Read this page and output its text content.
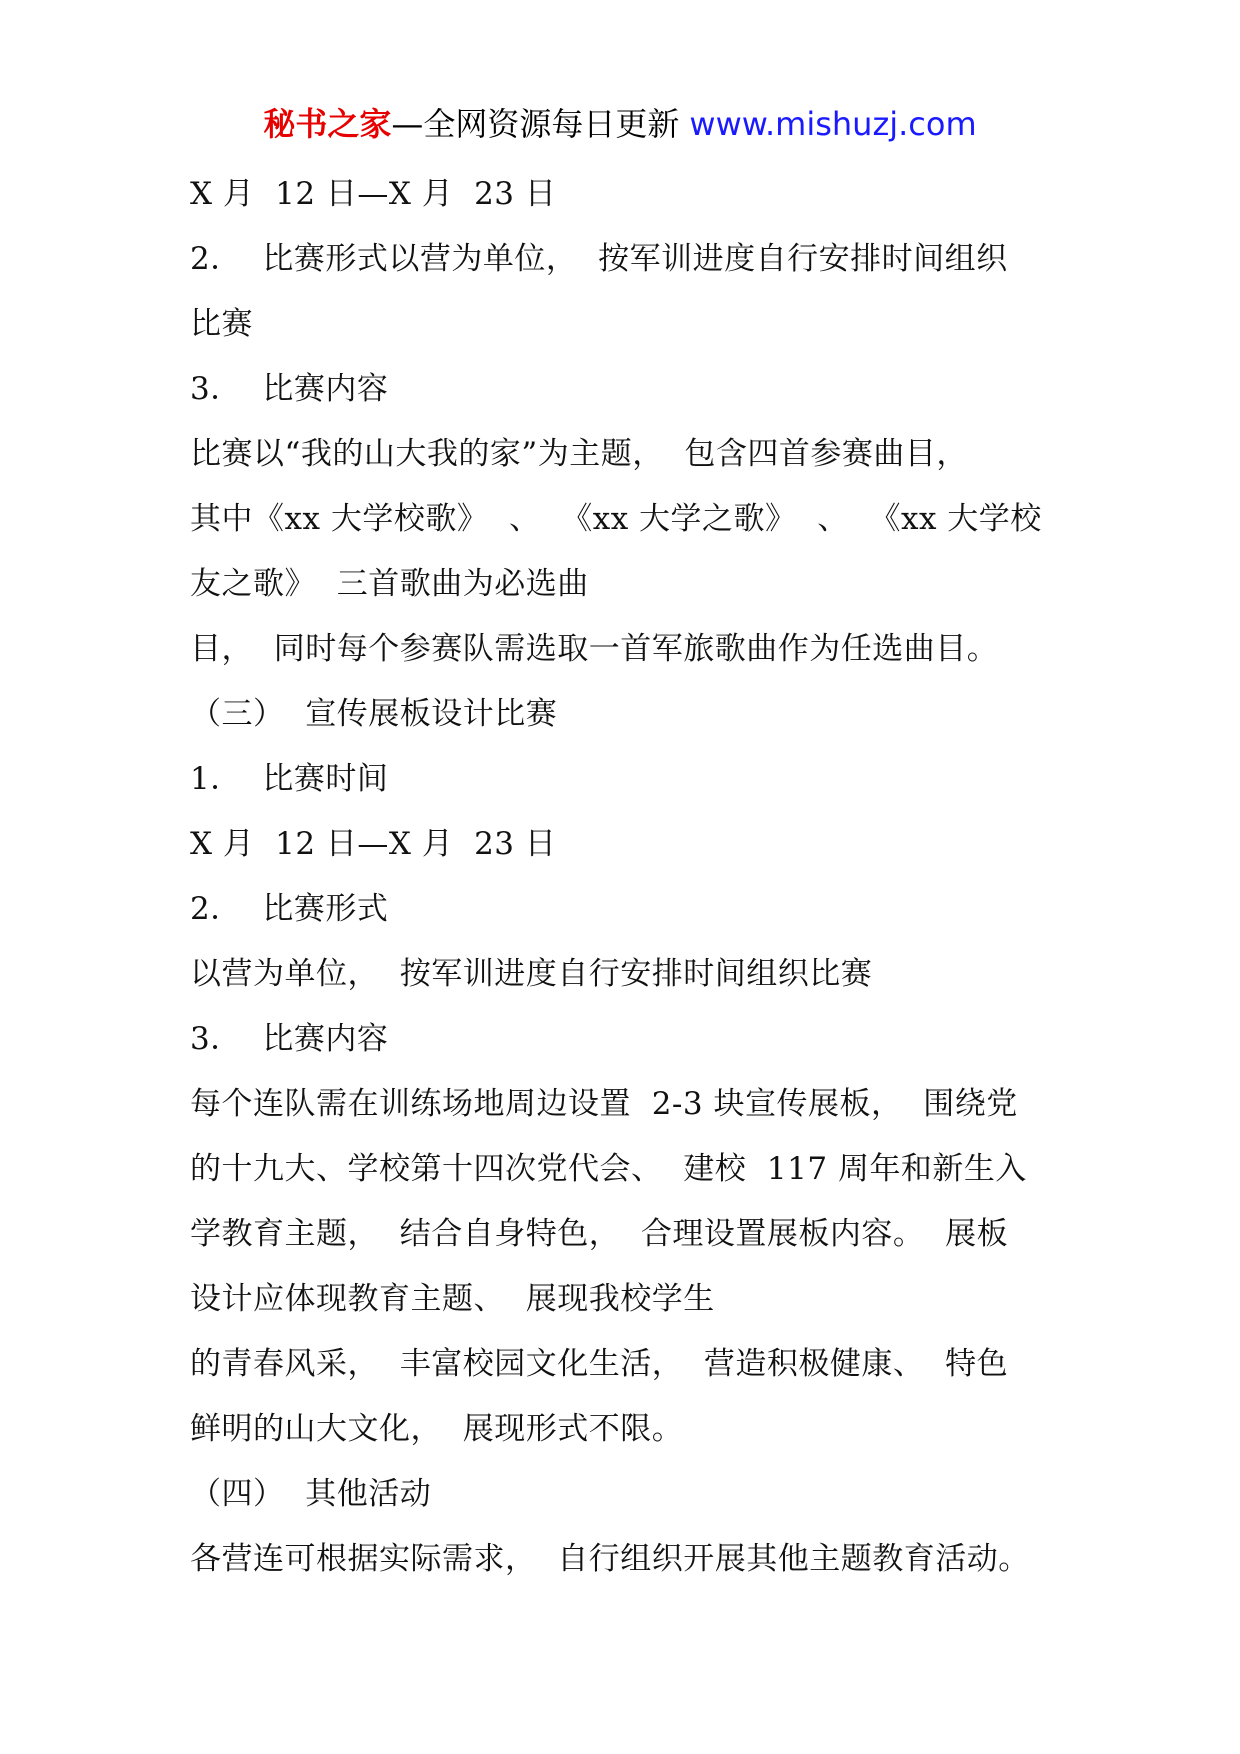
秘书之家—全网资源每日更新 www.mishuzj.com
X 月  12 日—X 月  23 日
2．  比赛形式以营为单位，  按军训进度自行安排时间组织
比赛
3．  比赛内容
比赛以“我的山大我的家”为主题，  包含四首参赛曲目，
其中《xx 大学校歌》  、  《xx 大学之歌》  、  《xx 大学校
友之歌》  三首歌曲为必选曲
目，  同时每个参赛队需选取一首军旅歌曲作为任选曲目。
（三）  宣传展板设计比赛
1．  比赛时间
X 月  12 日—X 月  23 日
2．  比赛形式
以营为单位，  按军训进度自行安排时间组织比赛
3．  比赛内容
每个连队需在训练场地周边设置  2-3 块宣传展板，  围绕党
的十九大、学校第十四次党代会、  建校  117 周年和新生入
学教育主题，  结合自身特色，  合理设置展板内容。  展板
设计应体现教育主题、  展现我校学生
的青春风采，  丰富校园文化生活，  营造积极健康、  特色
鲜明的山大文化，  展现形式不限。
（四）  其他活动
各营连可根据实际需求，  自行组织开展其他主题教育活动。
